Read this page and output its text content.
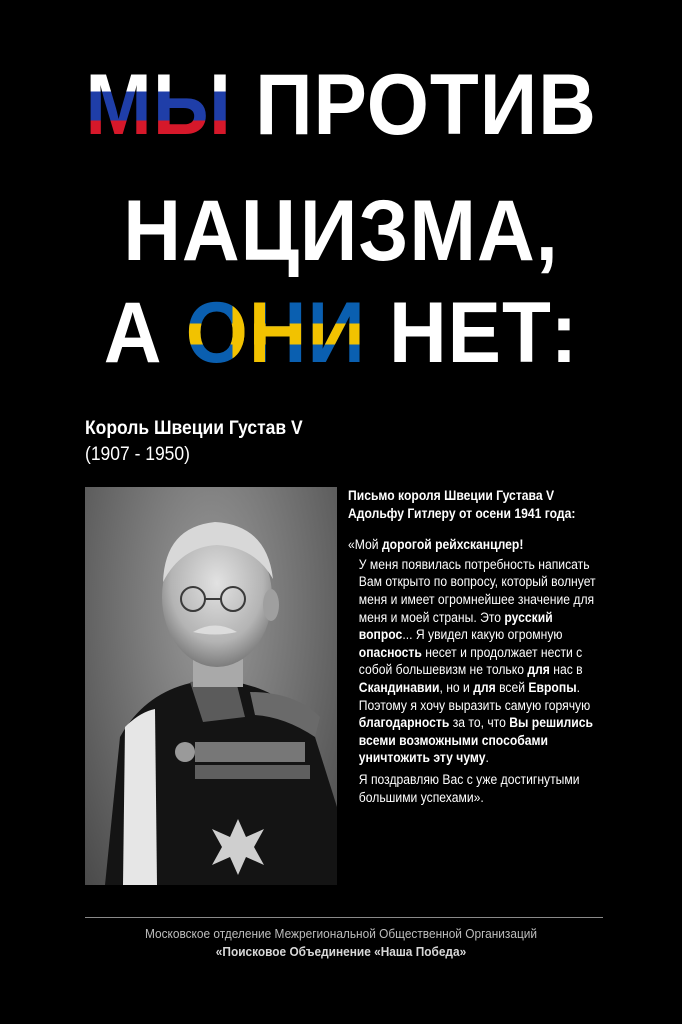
МЫ ПРОТИВ
НАЦИЗМА,
А ОНИ НЕТ:
Король Швеции Густав V
(1907 - 1950)

Письмо короля Швеции Густава V Адольфу Гитлеру от осени 1941 года:

«Мой дорогой рейхсканцлер!

У меня появилась потребность написать Вам открыто по вопросу, который волнует меня и имеет огромнейшее значение для меня и моей страны. Это русский вопрос... Я увидел какую огромную опасность несет и продолжает нести с собой большевизм не только для нас в Скандинавии, но и для всей Европы. Поэтому я хочу выразить самую горячую благодарность за то, что Вы решились всеми возможными способами уничтожить эту чуму.

Я поздравляю Вас с уже достигнутыми большими успехами».

Московское отделение Межрегиональной Общественной Организаций
«Поисковое Объединение «Наша Победа»
